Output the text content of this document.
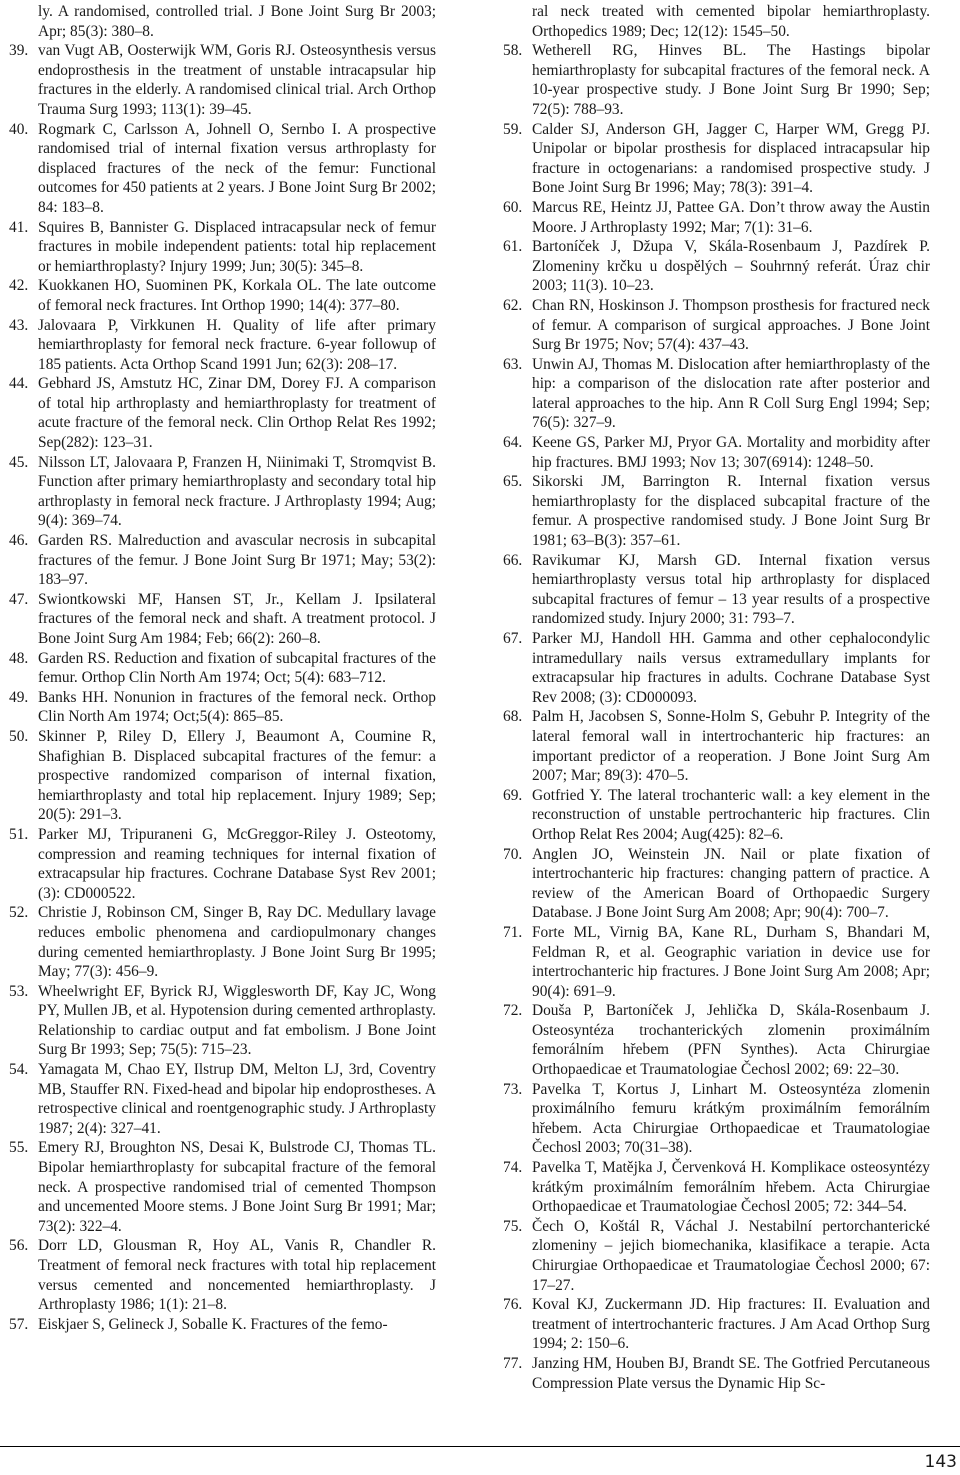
ly. A randomised, controlled trial. J Bone Joint Surg Br 2003; Apr; 85(3): 380–8.
39. van Vugt AB, Oosterwijk WM, Goris RJ. Osteosynthesis versus endoprosthesis in the treatment of unstable intracapsular hip fractures in the elderly. A randomised clinical trial. Arch Orthop Trauma Surg 1993; 113(1): 39–45.
40. Rogmark C, Carlsson A, Johnell O, Sernbo I. A prospective randomised trial of internal fixation versus arthroplasty for displaced fractures of the neck of the femur: Functional outcomes for 450 patients at 2 years. J Bone Joint Surg Br 2002; 84: 183–8.
41. Squires B, Bannister G. Displaced intracapsular neck of femur fractures in mobile independent patients: total hip replacement or hemiarthroplasty? Injury 1999; Jun; 30(5): 345–8.
42. Kuokkanen HO, Suominen PK, Korkala OL. The late outcome of femoral neck fractures. Int Orthop 1990; 14(4): 377–80.
43. Jalovaara P, Virkkunen H. Quality of life after primary hemiarthroplasty for femoral neck fracture. 6-year followup of 185 patients. Acta Orthop Scand 1991 Jun; 62(3): 208–17.
44. Gebhard JS, Amstutz HC, Zinar DM, Dorey FJ. A comparison of total hip arthroplasty and hemiarthroplasty for treatment of acute fracture of the femoral neck. Clin Orthop Relat Res 1992; Sep(282): 123–31.
45. Nilsson LT, Jalovaara P, Franzen H, Niinimaki T, Stromqvist B. Function after primary hemiarthroplasty and secondary total hip arthroplasty in femoral neck fracture. J Arthroplasty 1994; Aug; 9(4): 369–74.
46. Garden RS. Malreduction and avascular necrosis in subcapital fractures of the femur. J Bone Joint Surg Br 1971; May; 53(2): 183–97.
47. Swiontkowski MF, Hansen ST, Jr., Kellam J. Ipsilateral fractures of the femoral neck and shaft. A treatment protocol. J Bone Joint Surg Am 1984; Feb; 66(2): 260–8.
48. Garden RS. Reduction and fixation of subcapital fractures of the femur. Orthop Clin North Am 1974; Oct; 5(4): 683–712.
49. Banks HH. Nonunion in fractures of the femoral neck. Orthop Clin North Am 1974; Oct;5(4): 865–85.
50. Skinner P, Riley D, Ellery J, Beaumont A, Coumine R, Shafighian B. Displaced subcapital fractures of the femur: a prospective randomized comparison of internal fixation, hemiarthroplasty and total hip replacement. Injury 1989; Sep; 20(5): 291–3.
51. Parker MJ, Tripuraneni G, McGreggor-Riley J. Osteotomy, compression and reaming techniques for internal fixation of extracapsular hip fractures. Cochrane Database Syst Rev 2001; (3): CD000522.
52. Christie J, Robinson CM, Singer B, Ray DC. Medullary lavage reduces embolic phenomena and cardiopulmonary changes during cemented hemiarthroplasty. J Bone Joint Surg Br 1995; May; 77(3): 456–9.
53. Wheelwright EF, Byrick RJ, Wigglesworth DF, Kay JC, Wong PY, Mullen JB, et al. Hypotension during cemented arthroplasty. Relationship to cardiac output and fat embolism. J Bone Joint Surg Br 1993; Sep; 75(5): 715–23.
54. Yamagata M, Chao EY, Ilstrup DM, Melton LJ, 3rd, Coventry MB, Stauffer RN. Fixed-head and bipolar hip endoprostheses. A retrospective clinical and roentgenographic study. J Arthroplasty 1987; 2(4): 327–41.
55. Emery RJ, Broughton NS, Desai K, Bulstrode CJ, Thomas TL. Bipolar hemiarthroplasty for subcapital fracture of the femoral neck. A prospective randomised trial of cemented Thompson and uncemented Moore stems. J Bone Joint Surg Br 1991; Mar; 73(2): 322–4.
56. Dorr LD, Glousman R, Hoy AL, Vanis R, Chandler R. Treatment of femoral neck fractures with total hip replacement versus cemented and noncemented hemiarthroplasty. J Arthroplasty 1986; 1(1): 21–8.
57. Eiskjaer S, Gelineck J, Soballe K. Fractures of the femo-
ral neck treated with cemented bipolar hemiarthroplasty. Orthopedics 1989; Dec; 12(12): 1545–50.
58. Wetherell RG, Hinves BL. The Hastings bipolar hemiarthroplasty for subcapital fractures of the femoral neck. A 10-year prospective study. J Bone Joint Surg Br 1990; Sep; 72(5): 788–93.
59. Calder SJ, Anderson GH, Jagger C, Harper WM, Gregg PJ. Unipolar or bipolar prosthesis for displaced intracapsular hip fracture in octogenarians: a randomised prospective study. J Bone Joint Surg Br 1996; May; 78(3): 391–4.
60. Marcus RE, Heintz JJ, Pattee GA. Don’t throw away the Austin Moore. J Arthroplasty 1992; Mar; 7(1): 31–6.
61. Bartoníček J, Džupa V, Skála-Rosenbaum J, Pazdírek P. Zlomeniny krčku u dospělých – Souhrnný referát. Úraz chir 2003; 11(3). 10–23.
62. Chan RN, Hoskinson J. Thompson prosthesis for fractured neck of femur. A comparison of surgical approaches. J Bone Joint Surg Br 1975; Nov; 57(4): 437–43.
63. Unwin AJ, Thomas M. Dislocation after hemiarthroplasty of the hip: a comparison of the dislocation rate after posterior and lateral approaches to the hip. Ann R Coll Surg Engl 1994; Sep; 76(5): 327–9.
64. Keene GS, Parker MJ, Pryor GA. Mortality and morbidity after hip fractures. BMJ 1993; Nov 13; 307(6914): 1248–50.
65. Sikorski JM, Barrington R. Internal fixation versus hemiarthroplasty for the displaced subcapital fracture of the femur. A prospective randomised study. J Bone Joint Surg Br 1981; 63–B(3): 357–61.
66. Ravikumar KJ, Marsh GD. Internal fixation versus hemiarthroplasty versus total hip arthroplasty for displaced subcapital fractures of femur – 13 year results of a prospective randomized study. Injury 2000; 31: 793–7.
67. Parker MJ, Handoll HH. Gamma and other cephalocondylic intramedullary nails versus extramedullary implants for extracapsular hip fractures in adults. Cochrane Database Syst Rev 2008; (3): CD000093.
68. Palm H, Jacobsen S, Sonne-Holm S, Gebuhr P. Integrity of the lateral femoral wall in intertrochanteric hip fractures: an important predictor of a reoperation. J Bone Joint Surg Am 2007; Mar; 89(3): 470–5.
69. Gotfried Y. The lateral trochanteric wall: a key element in the reconstruction of unstable pertrochanteric hip fractures. Clin Orthop Relat Res 2004; Aug(425): 82–6.
70. Anglen JO, Weinstein JN. Nail or plate fixation of intertrochanteric hip fractures: changing pattern of practice. A review of the American Board of Orthopaedic Surgery Database. J Bone Joint Surg Am 2008; Apr; 90(4): 700–7.
71. Forte ML, Virnig BA, Kane RL, Durham S, Bhandari M, Feldman R, et al. Geographic variation in device use for intertrochanteric hip fractures. J Bone Joint Surg Am 2008; Apr; 90(4): 691–9.
72. Douša P, Bartoníček J, Jehlička D, Skála-Rosenbaum J. Osteosyntéza trochanterických zlomenin proximálním femorálním hřebem (PFN Synthes). Acta Chirurgiae Orthopaedicae et Traumatologiae Čechosl 2002; 69: 22–30.
73. Pavelka T, Kortus J, Linhart M. Osteosyntéza zlomenin proximálního femuru krátkým proximálním femorálním hřebem. Acta Chirurgiae Orthopaedicae et Traumatologiae Čechosl 2003; 70(31–38).
74. Pavelka T, Matějka J, Červenková H. Komplikace osteosyntézy krátkým proximálním femorálním hřebem. Acta Chirurgiae Orthopaedicae et Traumatologiae Čechosl 2005; 72: 344–54.
75. Čech O, Koštál R, Váchal J. Nestabilní pertorchanterické zlomeniny – jejich biomechanika, klasifikace a terapie. Acta Chirurgiae Orthopaedicae et Traumatologiae Čechosl 2000; 67: 17–27.
76. Koval KJ, Zuckermann JD. Hip fractures: II. Evaluation and treatment of intertrochanteric fractures. J Am Acad Orthop Surg 1994; 2: 150–6.
77. Janzing HM, Houben BJ, Brandt SE. The Gotfried Percutaneous Compression Plate versus the Dynamic Hip Sc-
143
